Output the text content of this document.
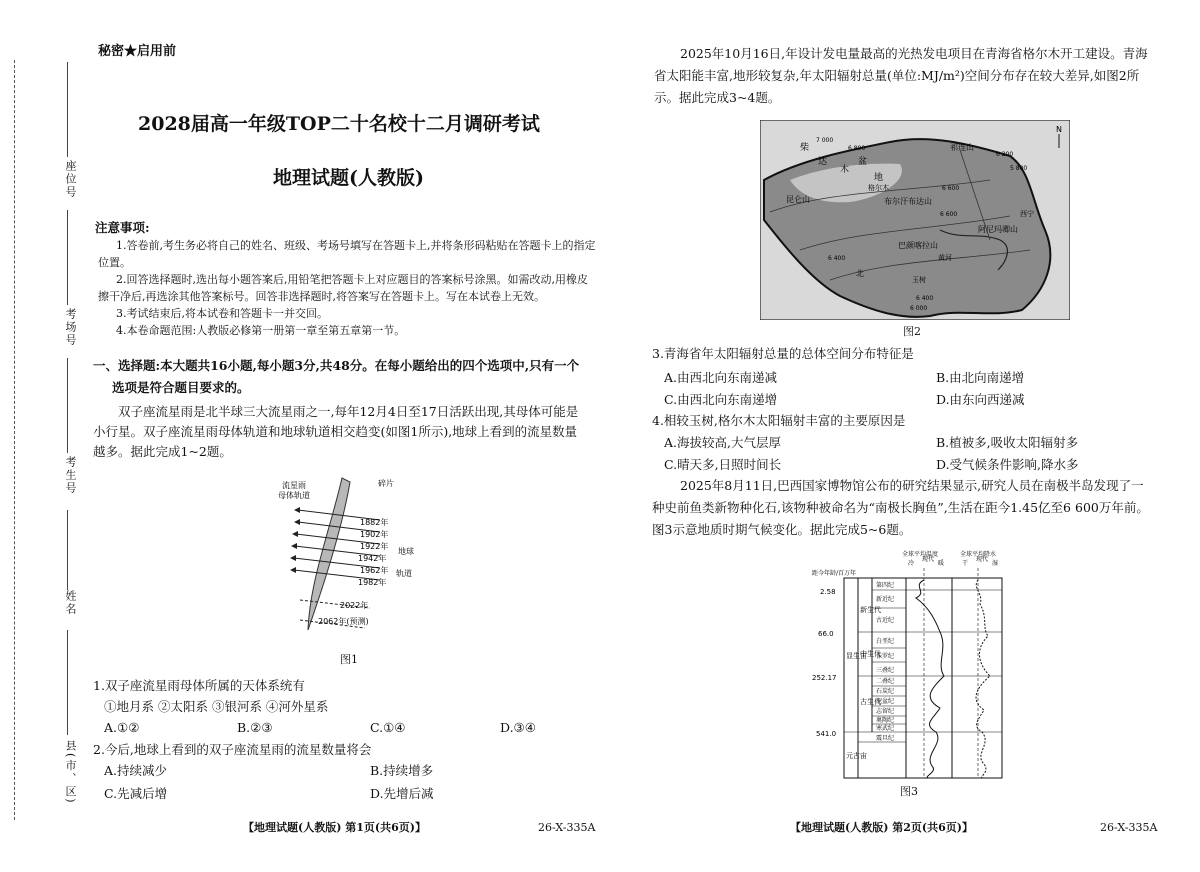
座位号
考场号
考生号
姓名
县(市、区)
秘密★启用前
2028届高一年级TOP二十名校十二月调研考试
地理试题(人教版)
注意事项:
1.答卷前,考生务必将自己的姓名、班级、考场号填写在答题卡上,并将条形码粘贴在答题卡上的指定
位置。
2.回答选择题时,选出每小题答案后,用铅笔把答题卡上对应题目的答案标号涂黑。如需改动,用橡皮
擦干净后,再选涂其他答案标号。回答非选择题时,将答案写在答题卡上。写在本试卷上无效。
3.考试结束后,将本试卷和答题卡一并交回。
4.本卷命题范围:人教版必修第一册第一章至第五章第一节。
一、选择题:本大题共16小题,每小题3分,共48分。在每小题给出的四个选项中,只有一个
选项是符合题目要求的。
双子座流星雨是北半球三大流星雨之一,每年12月4日至17日活跃出现,其母体可能是
小行星。双子座流星雨母体轨道和地球轨道相交趋变(如图1所示),地球上看到的流星数量
越多。据此完成1~2题。
流星雨
母体轨道
碎片
1882年
1902年
1922年
1942年
1962年
1982年
2022年
2062年(预测)
地球
轨道
图1
1.双子座流星雨母体所属的天体系统有
①地月系 ②太阳系 ③银河系 ④河外星系
A.①②	B.②③	C.①④	D.③④
2.今后,地球上看到的双子座流星雨的流星数量将会
A.持续减少	B.持续增多
C.先减后增	D.先增后减
【地理试题(人教版) 第1页(共6页)】	26-X-335A
2025年10月16日,年设计发电量最高的光热发电项目在青海省格尔木开工建设。青海
省太阳能丰富,地形较复杂,年太阳辐射总量(单位:MJ/m²)空间分布存在较大差异,如图2所
示。据此完成3~4题。
N
柴
达
木
盆
地
格尔木
昆仑山	布尔汗布达山
祁连山
阿尼玛卿山
巴颜喀拉山
北
黄河
西宁
玉树
7 000
6 800
6 600
6 400
6 200
5 800
6 600
6 400
6 000
图2
3.青海省年太阳辐射总量的总体空间分布特征是
A.由西北向东南递减	B.由北向南递增
C.由西北向东南递增	D.由东向西递减
4.相较玉树,格尔木太阳辐射丰富的主要原因是
A.海拔较高,大气层厚	B.植被多,吸收太阳辐射多
C.晴天多,日照时间长	D.受气候条件影响,降水多
2025年8月11日,巴西国家博物馆公布的研究结果显示,研究人员在南极半岛发现了一
种史前鱼类新物种化石,该物种被命名为“南极长胸鱼”,生活在距今1.45亿至6 600万年前。
图3示意地质时期气候变化。据此完成5~6题。
全球平均温度	全球平均降水
冷
现代
暖	干
现代
湿
距今年龄/百万年
2.58
66.0
252.17
541.0
显生宙
元古宙
新生代
中生代
古生代
第四纪
新近纪
古近纪
白垩纪
侏罗纪
三叠纪
二叠纪
石炭纪
泥盆纪
志留纪
奥陶纪
寒武纪
震旦纪
图3
【地理试题(人教版) 第2页(共6页)】	26-X-335A
